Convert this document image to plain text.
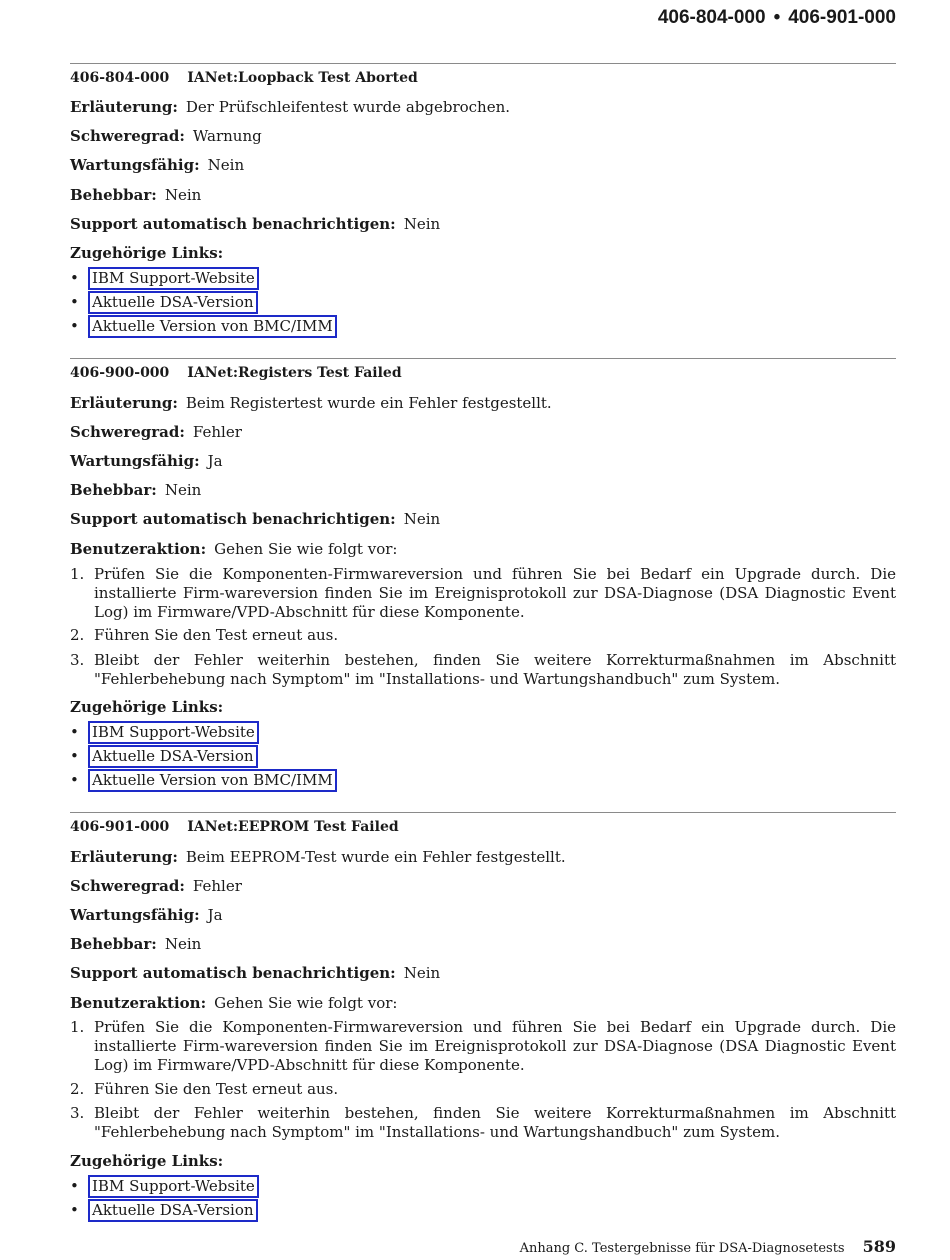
406-804-000 • 406-901-000
406-804-000 IANet:Loopback Test Aborted
Erläuterung: Der Prüfschleifentest wurde abgebrochen.
Schweregrad: Warnung
Wartungsfähig: Nein
Behebbar: Nein
Support automatisch benachrichtigen: Nein
Zugehörige Links:
• IBM Support-Website
• Aktuelle DSA-Version
• Aktuelle Version von BMC/IMM
406-900-000 IANet:Registers Test Failed
Erläuterung: Beim Registertest wurde ein Fehler festgestellt.
Schweregrad: Fehler
Wartungsfähig: Ja
Behebbar: Nein
Support automatisch benachrichtigen: Nein
Benutzeraktion: Gehen Sie wie folgt vor:
1. Prüfen Sie die Komponenten-Firmwareversion und führen Sie bei Bedarf ein Upgrade durch. Die installierte Firm-wareversion finden Sie im Ereignisprotokoll zur DSA-Diagnose (DSA Diagnostic Event Log) im Firmware/VPD-Abschnitt für diese Komponente.
2. Führen Sie den Test erneut aus.
3. Bleibt der Fehler weiterhin bestehen, finden Sie weitere Korrekturmaßnahmen im Abschnitt "Fehlerbehebung nach Symptom" im "Installations- und Wartungshandbuch" zum System.
Zugehörige Links:
• IBM Support-Website
• Aktuelle DSA-Version
• Aktuelle Version von BMC/IMM
406-901-000 IANet:EEPROM Test Failed
Erläuterung: Beim EEPROM-Test wurde ein Fehler festgestellt.
Schweregrad: Fehler
Wartungsfähig: Ja
Behebbar: Nein
Support automatisch benachrichtigen: Nein
Benutzeraktion: Gehen Sie wie folgt vor:
1. Prüfen Sie die Komponenten-Firmwareversion und führen Sie bei Bedarf ein Upgrade durch. Die installierte Firm-wareversion finden Sie im Ereignisprotokoll zur DSA-Diagnose (DSA Diagnostic Event Log) im Firmware/VPD-Abschnitt für diese Komponente.
2. Führen Sie den Test erneut aus.
3. Bleibt der Fehler weiterhin bestehen, finden Sie weitere Korrekturmaßnahmen im Abschnitt "Fehlerbehebung nach Symptom" im "Installations- und Wartungshandbuch" zum System.
Zugehörige Links:
• IBM Support-Website
• Aktuelle DSA-Version
Anhang C. Testergebnisse für DSA-Diagnosetests 589
